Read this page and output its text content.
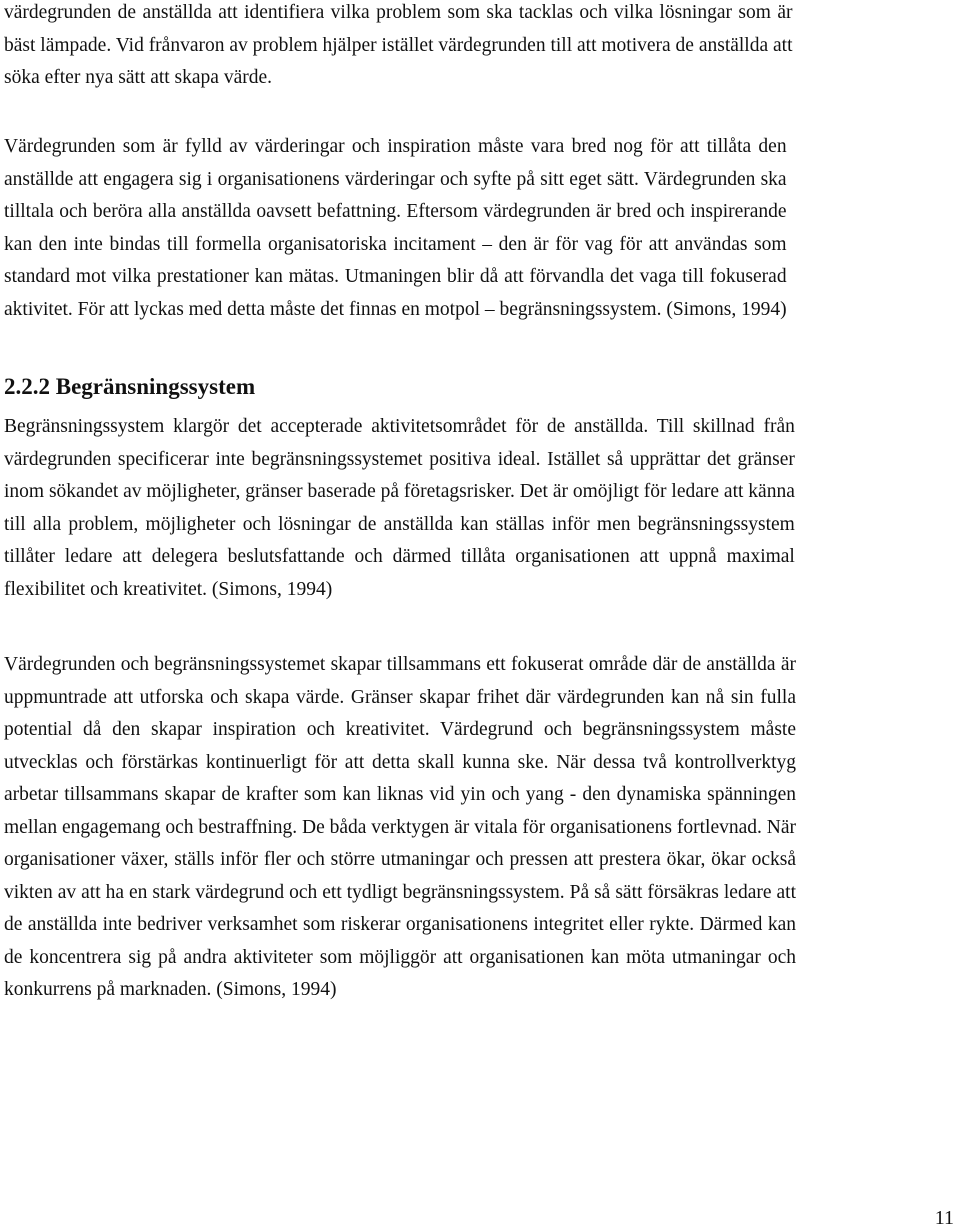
värdegrunden de anställda att identifiera vilka problem som ska tacklas och vilka lösningar som är
bäst lämpade. Vid frånvaron av problem hjälper istället värdegrunden till att motivera de anställda att
söka efter nya sätt att skapa värde.
Värdegrunden som är fylld av värderingar och inspiration måste vara bred nog för att tillåta den
anställde att engagera sig i organisationens värderingar och syfte på sitt eget sätt. Värdegrunden ska
tilltala och beröra alla anställda oavsett befattning. Eftersom värdegrunden är bred och inspirerande
kan den inte bindas till formella organisatoriska incitament – den är för vag för att användas som
standard mot vilka prestationer kan mätas. Utmaningen blir då att förvandla det vaga till fokuserad
aktivitet. För att lyckas med detta måste det finnas en motpol – begränsningssystem. (Simons, 1994)
2.2.2 Begränsningssystem
Begränsningssystem klargör det accepterade aktivitetsområdet för de anställda. Till skillnad från
värdegrunden specificerar inte begränsningssystemet positiva ideal. Istället så upprättar det gränser
inom sökandet av möjligheter, gränser baserade på företagsrisker. Det är omöjligt för ledare att känna
till alla problem, möjligheter och lösningar de anställda kan ställas inför men begränsningssystem
tillåter ledare att delegera beslutsfattande och därmed tillåta organisationen att uppnå maximal
flexibilitet och kreativitet. (Simons, 1994)
Värdegrunden och begränsningssystemet skapar tillsammans ett fokuserat område där de anställda är
uppmuntrade att utforska och skapa värde. Gränser skapar frihet där värdegrunden kan nå sin fulla
potential då den skapar inspiration och kreativitet. Värdegrund och begränsningssystem måste
utvecklas och förstärkas kontinuerligt för att detta skall kunna ske. När dessa två kontrollverktyg
arbetar tillsammans skapar de krafter som kan liknas vid yin och yang - den dynamiska spänningen
mellan engagemang och bestraffning. De båda verktygen är vitala för organisationens fortlevnad. När
organisationer växer, ställs inför fler och större utmaningar och pressen att prestera ökar, ökar också
vikten av att ha en stark värdegrund och ett tydligt begränsningssystem. På så sätt försäkras ledare att
de anställda inte bedriver verksamhet som riskerar organisationens integritet eller rykte. Därmed kan
de koncentrera sig på andra aktiviteter som möjliggör att organisationen kan möta utmaningar och
konkurrens på marknaden. (Simons, 1994)

11
